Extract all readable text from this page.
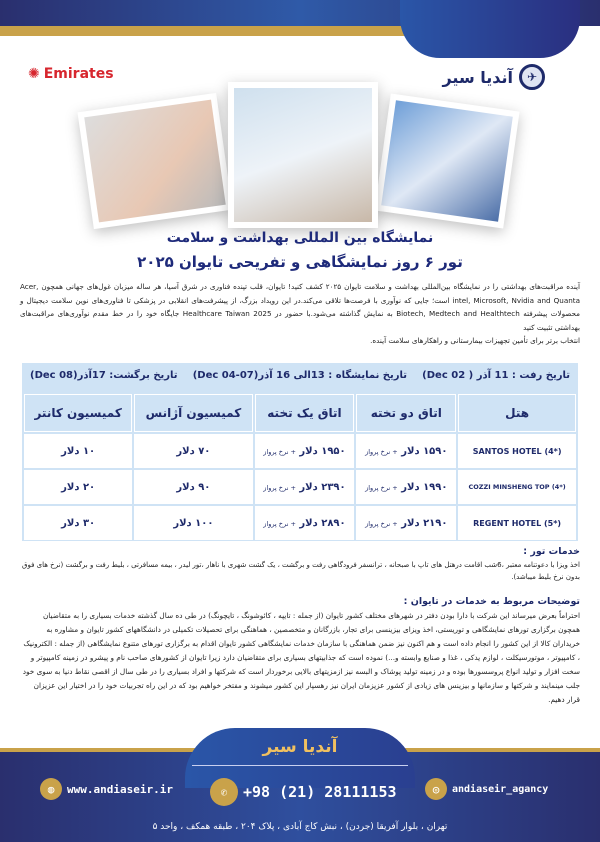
✈
آندیا سیر
✺ Emirates
نمایشگاه بین المللی بهداشت و سلامت
تور ۶ روز نمایشگاهی و تفریحی تایوان ۲۰۲۵

آینده مراقبت‌های بهداشتی را در نمایشگاه بین‌المللی بهداشت و سلامت تایوان ۲۰۲۵ کشف کنید! تایوان، قلب تپنده فناوری در شرق آسیا، هر ساله میزبان غول‌های جهانی همچون Acer, intel, Microsoft, Nvidia and Quanta است؛ جایی که نوآوری با فرصت‌ها تلاقی می‌کند.در این رویداد بزرگ، از پیشرفت‌های انقلابی در پزشکی تا فناوری‌های نوین سلامت دیجیتال و محصولات پیشرفته Biotech, Medtech and Healthtech به نمایش گذاشته می‌شود.با حضور در Healthcare Taiwan 2025 جایگاه خود را در خط مقدم نوآوری‌های مراقبت‌های بهداشتی تثبیت کنید

انتخاب برتر برای تأمین تجهیزات بیمارستانی و راهکارهای سلامت آینده.

تاریخ رفت : 11 آذر ( Dec 02)
تاریخ نمایشگاه : 13الی 16 آذر(Dec 04-07)
تاریخ برگشت: 17آذر(Dec 08)
هتل	اتاق دو تخته	اتاق یک تخته	کمیسیون آژانس	کمیسیون کانتر
SANTOS HOTEL (4*)	۱۵۹۰ دلار + نرخ پرواز	۱۹۵۰ دلار + نرخ پرواز	۷۰ دلار	۱۰ دلار
COZZI MINSHENG TOP (4*)	۱۹۹۰ دلار + نرخ پرواز	۲۳۹۰ دلار + نرخ پرواز	۹۰ دلار	۲۰ دلار
REGENT HOTEL (5*)	۲۱۹۰ دلار + نرخ پرواز	۲۸۹۰ دلار + نرخ پرواز	۱۰۰ دلار	۳۰ دلار
خدمات تور :

اخذ ویزا با دعوتنامه معتبر ،6شب اقامت درهتل های تاپ با صبحانه ، ترانسفر فرودگاهی رفت و برگشت ، یک گشت شهری با ناهار ،تور لیدر ، بیمه مسافرتی ، بلیط رفت و برگشت (نرخ های فوق بدون نرخ بلیط میباشد).

توضیحات مربوط به خدمات در تایوان :

احتراماً بعرض میرساند این شرکت با دارا بودن دفتر در شهرهای مختلف کشور تایوان (از جمله : تایپه ، کائوشونگ ، تایچونگ) در طی ده سال گذشته خدمات بسیاری را به متقاضیان همچون برگزاری تورهای نمایشگاهی و توریستی، اخذ ویزای بیزینسی برای تجار، بازرگانان و متخصصین ، هماهنگی برای تحصیلات تکمیلی در دانشگاههای کشور تایوان و مشاوره به خریداران کالا از این کشور را انجام داده است و هم اکنون نیز ضمن هماهنگی با سازمان خدمات نمایشگاهی کشور تایوان اقدام به برگزاری تورهای متنوع نمایشگاهی (از جمله : الکترونیک ، کامپیوتر ، موتورسیکلت ، لوازم یدکی ، غذا و صنایع وابسته و...) نموده است که جذابیتهای بسیاری برای متقاضیان دارد زیرا تایوان از کشورهای صاحب نام و پیشرو در زمینه کامپیوتر و سخت افزار و تولید انواع پروسسورها بوده و در زمینه تولید پوشاک و البسه نیز ازمزیتهای بالایی برخوردار است که شرکتها و افراد بسیاری را در طی سال از اقصی نقاط دنیا به سوی خود جلب مینمایند و شرکتها و سازمانها و بیزینس های زیادی از کشور عزیزمان ایران نیز رهسپار این کشور میشوند و مفتخر خواهیم بود که در این راه تجربیات خود را در اختیار این عزیزان قرار دهیم.

آندیا سیر
◍	www.andiaseir.ir	✆	+98 (21) 28111153	◎	andiaseir_agancy
تهران ، بلوار آفریقا (جردن) ، نبش کاج آبادی ، پلاک ۲۰۴ ، طبقه همکف ، واحد ۵
